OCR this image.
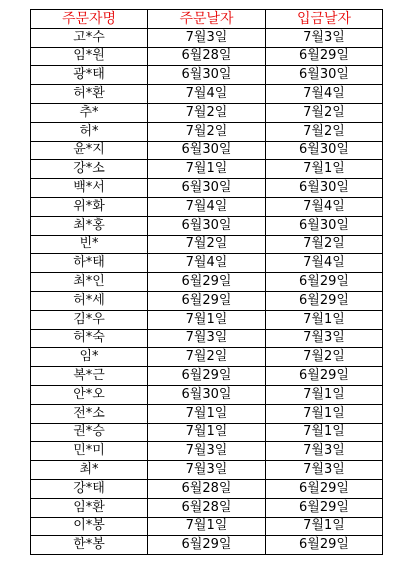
주문자명	주문날자	입금날자
고*수	7월3일	7월3일
임*원	6월28일	6월29일
광*태	6월30일	6월30일
허*환	7월4일	7월4일
추*	7월2일	7월2일
허*	7월2일	7월2일
윤*지	6월30일	6월30일
강*소	7월1일	7월1일
백*서	6월30일	6월30일
위*화	7월4일	7월4일
최*홍	6월30일	6월30일
빈*	7월2일	7월2일
하*태	7월4일	7월4일
최*인	6월29일	6월29일
허*세	6월29일	6월29일
김*우	7월1일	7월1일
허*숙	7월3일	7월3일
임*	7월2일	7월2일
복*근	6월29일	6월29일
안*오	6월30일	7월1일
전*소	7월1일	7월1일
권*승	7월1일	7월1일
민*미	7월3일	7월3일
최*	7월3일	7월3일
강*태	6월28일	6월29일
임*환	6월28일	6월29일
이*봉	7월1일	7월1일
한*봉	6월29일	6월29일
